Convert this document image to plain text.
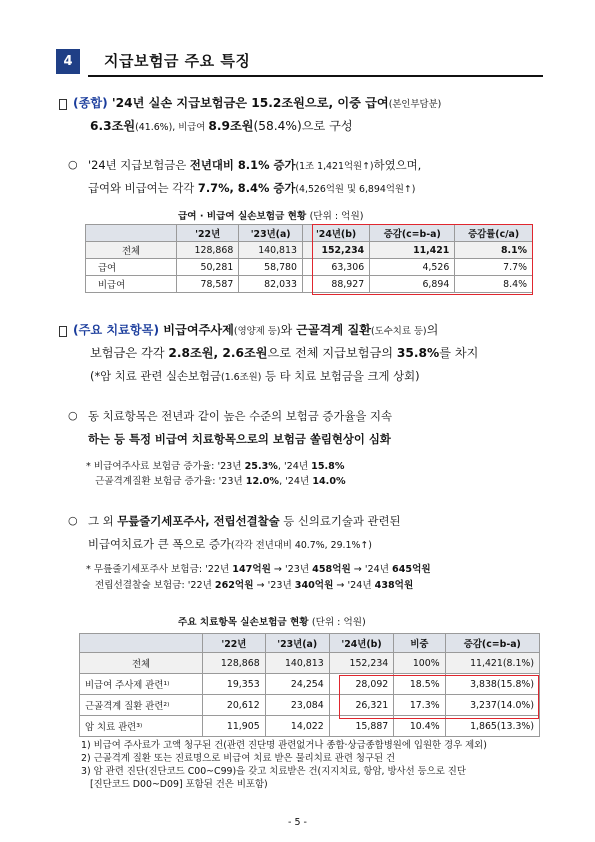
4	지급보험금 주요 특징
(종합) '24년 실손 지급보험금은 15.2조원으로, 이중 급여(본인부담분)
6.3조원(41.6%), 비급여 8.9조원(58.4%)으로 구성
○ '24년 지급보험금은 전년대비 8.1% 증가(1조 1,421억원↑)하였으며,
급여와 비급여는 각각 7.7%, 8.4% 증가(4,526억원 및 6,894억원↑)
급여 · 비급여 실손보험금 현황 (단위 : 억원)
	'22년	'23년(a)	'24년(b)	증감(c=b-a)	증감률(c/a)
전체	128,868	140,813	152,234	11,421	8.1%
급여	50,281	58,780	63,306	4,526	7.7%
비급여	78,587	82,033	88,927	6,894	8.4%
(주요 치료항목) 비급여주사제(영양제 등)와 근골격계 질환(도수치료 등)의
보험금은 각각 2.8조원, 2.6조원으로 전체 지급보험금의 35.8%를 차지
(*암 치료 관련 실손보험금(1.6조원) 등 타 치료 보험금을 크게 상회)
○ 동 치료항목은 전년과 같이 높은 수준의 보험금 증가율을 지속
하는 등 특정 비급여 치료항목으로의 보험금 쏠림현상이 심화
* 비급여주사료 보험금 증가율: '23년 25.3%, '24년 15.8%
근골격계질환 보험금 증가율: '23년 12.0%, '24년 14.0%
○ 그 외 무릎줄기세포주사, 전립선결찰술 등 신의료기술과 관련된
비급여치료가 큰 폭으로 증가(각각 전년대비 40.7%, 29.1%↑)
* 무릎줄기세포주사 보험금: '22년 147억원 → '23년 458억원 → '24년 645억원
전립선결찰술 보험금: '22년 262억원 → '23년 340억원 → '24년 438억원
주요 치료항목 실손보험금 현황 (단위 : 억원)
	'22년	'23년(a)	'24년(b)	비중	증감(c=b-a)
전체	128,868	140,813	152,234	100%	11,421(8.1%)
비급여 주사제 관련¹⁾	19,353	24,254	28,092	18.5%	3,838(15.8%)
근골격계 질환 관련²⁾	20,612	23,084	26,321	17.3%	3,237(14.0%)
암 치료 관련³⁾	11,905	14,022	15,887	10.4%	1,865(13.3%)
1) 비급여 주사료가 고액 청구된 건(관련 진단명 관련없거나 종합·상급종합병원에 입원한 경우 제외)
2) 근골격계 질환 또는 진료명으로 비급여 치료 받은 물리치료 관련 청구된 건
3) 암 관련 진단(진단코드 C00~C99)을 갖고 치료받은 건(지지치료, 항암, 방사선 등으로 진단
[진단코드 D00~D09] 포함된 건은 비포함)
- 5 -
